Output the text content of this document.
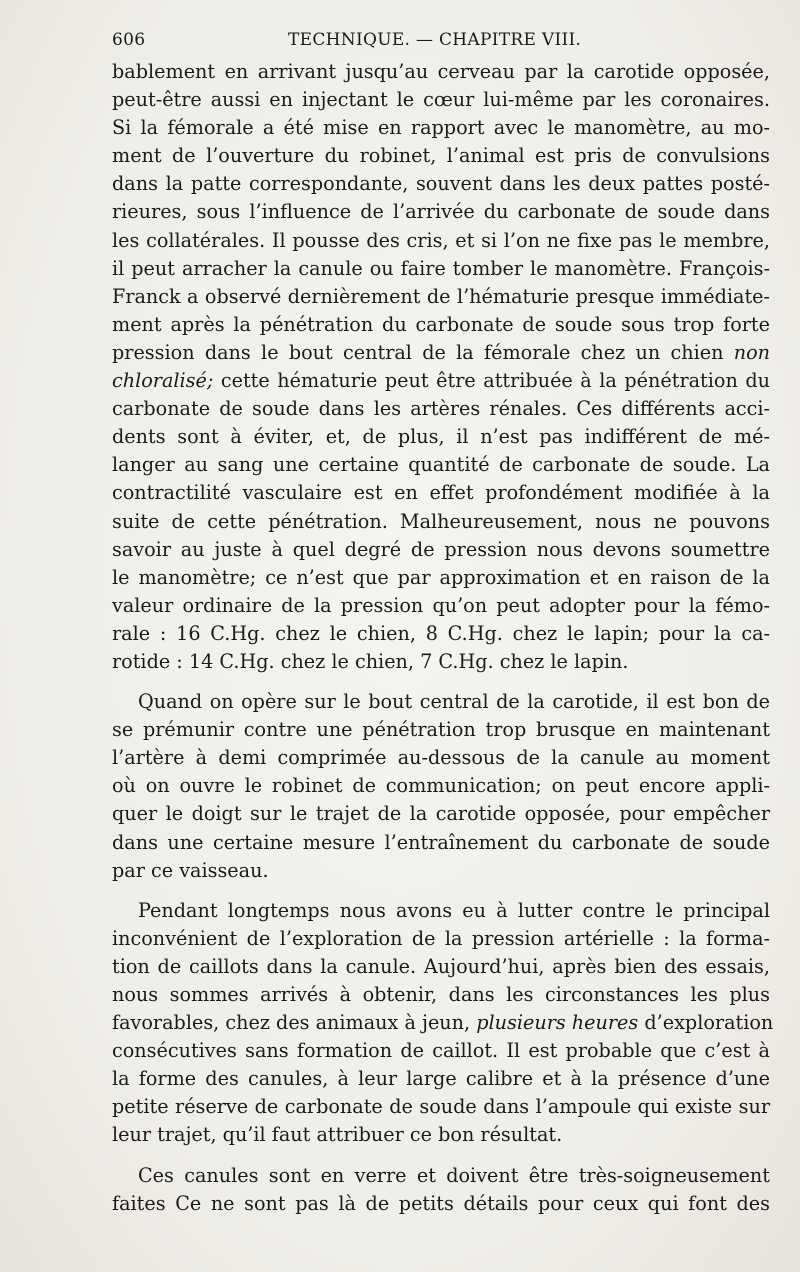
606	TECHNIQUE. — CHAPITRE VIII.
bablement en arrivant jusqu’au cerveau par la carotide opposée,
peut-être aussi en injectant le cœur lui-même par les coronaires.
Si la fémorale a été mise en rapport avec le manomètre, au mo-
ment de l’ouverture du robinet, l’animal est pris de convulsions
dans la patte correspondante, souvent dans les deux pattes posté-
rieures, sous l’influence de l’arrivée du carbonate de soude dans
les collatérales. Il pousse des cris, et si l’on ne fixe pas le membre,
il peut arracher la canule ou faire tomber le manomètre. François-
Franck a observé dernièrement de l’hématurie presque immédiate-
ment après la pénétration du carbonate de soude sous trop forte
pression dans le bout central de la fémorale chez un chien non
chloralisé; cette hématurie peut être attribuée à la pénétration du
carbonate de soude dans les artères rénales. Ces différents acci-
dents sont à éviter, et, de plus, il n’est pas indifférent de mé-
langer au sang une certaine quantité de carbonate de soude. La
contractilité vasculaire est en effet profondément modifiée à la
suite de cette pénétration. Malheureusement, nous ne pouvons
savoir au juste à quel degré de pression nous devons soumettre
le manomètre; ce n’est que par approximation et en raison de la
valeur ordinaire de la pression qu’on peut adopter pour la fémo-
rale : 16 C.Hg. chez le chien, 8 C.Hg. chez le lapin; pour la ca-
rotide : 14 C.Hg. chez le chien, 7 C.Hg. chez le lapin.
Quand on opère sur le bout central de la carotide, il est bon de
se prémunir contre une pénétration trop brusque en maintenant
l’artère à demi comprimée au-dessous de la canule au moment
où on ouvre le robinet de communication; on peut encore appli-
quer le doigt sur le trajet de la carotide opposée, pour empêcher
dans une certaine mesure l’entraînement du carbonate de soude
par ce vaisseau.
Pendant longtemps nous avons eu à lutter contre le principal
inconvénient de l’exploration de la pression artérielle : la forma-
tion de caillots dans la canule. Aujourd’hui, après bien des essais,
nous sommes arrivés à obtenir, dans les circonstances les plus
favorables, chez des animaux à jeun, plusieurs heures d’exploration
consécutives sans formation de caillot. Il est probable que c’est à
la forme des canules, à leur large calibre et à la présence d’une
petite réserve de carbonate de soude dans l’ampoule qui existe sur
leur trajet, qu’il faut attribuer ce bon résultat.
Ces canules sont en verre et doivent être très-soigneusement
faites Ce ne sont pas là de petits détails pour ceux qui font des
